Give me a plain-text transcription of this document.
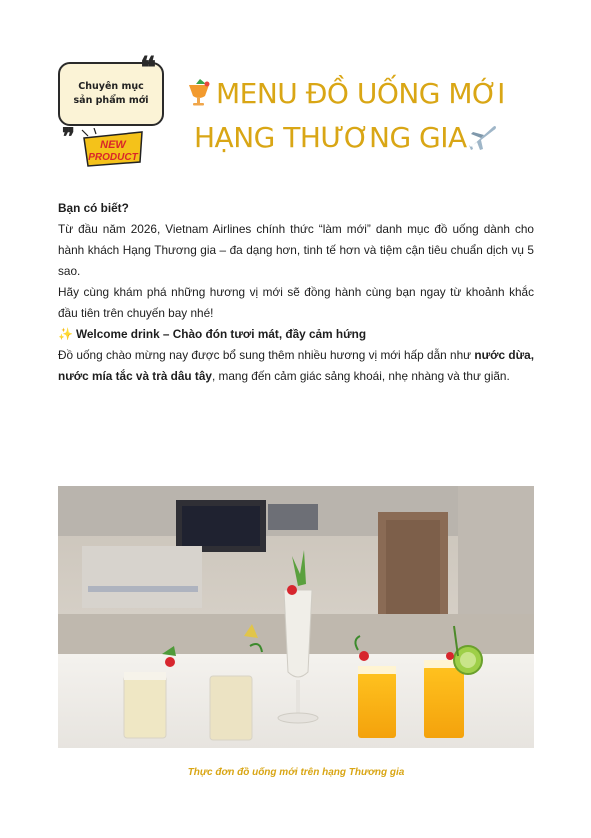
Chuyên mục
sản phẩm mới
❝
❝
NEW
PRODUCT
MENU ĐỒ UỐNG MỚI
HẠNG THƯƠNG GIA

Bạn có biết?

Từ đầu năm 2026, Vietnam Airlines chính thức “làm mới” danh mục đồ uống dành cho hành khách Hạng Thương gia – đa dạng hơn, tinh tế hơn và tiệm cận tiêu chuẩn dịch vụ 5 sao.

Hãy cùng khám phá những hương vị mới sẽ đồng hành cùng bạn ngay từ khoảnh khắc đầu tiên trên chuyến bay nhé!

✨ Welcome drink – Chào đón tươi mát, đầy cảm hứng

Đồ uống chào mừng nay được bổ sung thêm nhiều hương vị mới hấp dẫn như nước dừa, nước mía tắc và trà dâu tây, mang đến cảm giác sảng khoái, nhẹ nhàng và thư giãn.

Thực đơn đồ uống mới trên hạng Thương gia
